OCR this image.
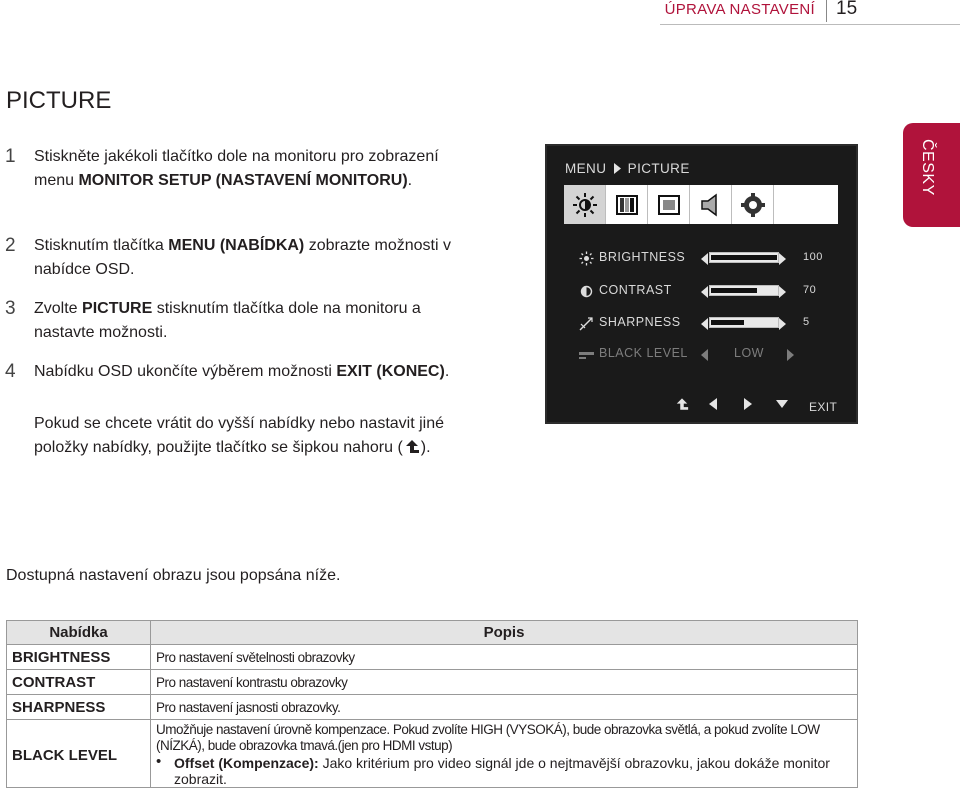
ÚPRAVA NASTAVENÍ 15
ČESKY
PICTURE
1 Stiskněte jakékoli tlačítko dole na monitoru pro zobrazení menu MONITOR SETUP (NASTAVENÍ MONITORU).
2 Stisknutím tlačítka MENU (NABÍDKA) zobrazte možnosti v nabídce OSD.
3 Zvolte PICTURE stisknutím tlačítka dole na monitoru a nastavte možnosti.
4 Nabídku OSD ukončíte výběrem možnosti EXIT (KONEC).
Pokud se chcete vrátit do vyšší nabídky nebo nastavit jiné položky nabídky, použijte tlačítko se šipkou nahoru ( ).
MENU PICTURE
BRIGHTNESS	100
CONTRAST	70
SHARPNESS	5
BLACK LEVEL	LOW
EXIT
Dostupná nastavení obrazu jsou popsána níže.
Nabídka	Popis
BRIGHTNESS	Pro nastavení světelnosti obrazovky
CONTRAST	Pro nastavení kontrastu obrazovky
SHARPNESS	Pro nastavení jasnosti obrazovky.
BLACK LEVEL	Umožňuje nastavení úrovně kompenzace. Pokud zvolíte HIGH (VYSOKÁ), bude obrazovka světlá, a pokud zvolíte LOW (NÍZKÁ), bude obrazovka tmavá.(jen pro HDMI vstup)
• Offset (Kompenzace): Jako kritérium pro video signál jde o nejtmavější obrazovku, jakou dokáže monitor zobrazit.
